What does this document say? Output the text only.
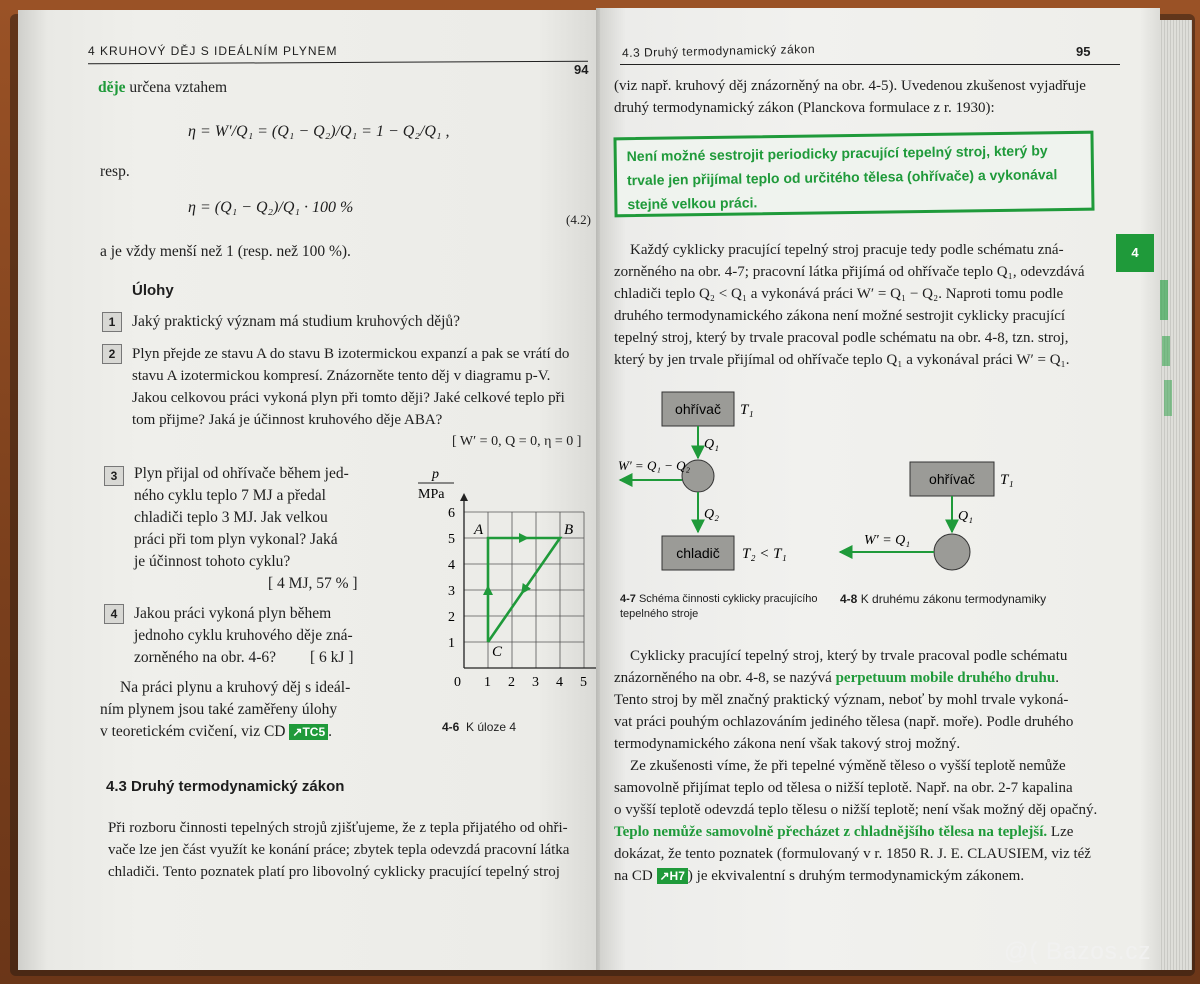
4 KRUHOVÝ DĚJ S IDEÁLNÍM PLYNEM
94
děje určena vztahem
η = W′/Q₁ = (Q₁ − Q₂)/Q₁ = 1 − Q₂/Q₁ ,
resp.
η = (Q₁ − Q₂)/Q₁ · 100 %
(4.2)
a je vždy menší než 1 (resp. než 100 %).
Úlohy
1	Jaký praktický význam má studium kruhových dějů?
2	Plyn přejde ze stavu A do stavu B izotermickou expanzí a pak se vrátí do
stavu A izotermickou kompresí. Znázorněte tento děj v diagramu p-V.
Jakou celkovou práci vykoná plyn při tomto ději? Jaké celkové teplo při
tom přijme? Jaká je účinnost kruhového děje ABA?
[ W′ = 0, Q = 0, η = 0 ]
3	Plyn přijal od ohřívače během jed-
ného cyklu teplo 7 MJ a předal
chladiči teplo 3 MJ. Jak velkou
práci při tom plyn vykonal? Jaká
je účinnost tohoto cyklu?
[ 4 MJ, 57 % ]
4	Jakou práci vykoná plyn během
jednoho cyklu kruhového děje zná-
zorněného na obr. 4-6? [ 6 kJ ]
Na práci plynu a kruhový děj s ideál-
ním plynem jsou také zaměřeny úlohy
v teoretickém cvičení, viz CD ↗TC5 .
0 1 2 3 4 5
1
2
3
4
5
6
p
MPa
A	B
C
4-6 K úloze 4
4.3 Druhý termodynamický zákon
Při rozboru činnosti tepelných strojů zjišťujeme, že z tepla přijatého od ohři-
vače lze jen část využít ke konání práce; zbytek tepla odevzdá pracovní látka
chladiči. Tento poznatek platí pro libovolný cyklicky pracující tepelný stroj
4.3 Druhý termodynamický zákon	95
(viz např. kruhový děj znázorněný na obr. 4-5). Uvedenou zkušenost vyjadřuje
druhý termodynamický zákon (Planckova formulace z r. 1930):
Není možné sestrojit periodicky pracující tepelný stroj, který by trvale jen přijímal teplo od určitého tělesa (ohřívače) a vykonával stejně velkou práci.
Každý cyklicky pracující tepelný stroj pracuje tedy podle schématu zná-
zorněného na obr. 4-7; pracovní látka přijímá od ohřívače teplo Q₁, odevzdává
chladiči teplo Q₂ < Q₁ a vykonává práci W′ = Q₁ − Q₂. Naproti tomu podle
druhého termodynamického zákona není možné sestrojit cyklicky pracující
tepelný stroj, který by trvale pracoval podle schématu na obr. 4-8, tzn. stroj,
který by jen trvale přijímal od ohřívače teplo Q₁ a vykonával práci W′ = Q₁.
ohřívač T₁
Q₁
W′ = Q₁ − Q₂
Q₂
chladič T₂ < T₁
ohřívač T₁
Q₁
W′ = Q₁
4-7 Schéma činnosti cyklicky pracujícího
tepelného stroje
4-8 K druhému zákonu termodynamiky
Cyklicky pracující tepelný stroj, který by trvale pracoval podle schématu
znázorněného na obr. 4-8, se nazývá perpetuum mobile druhého druhu.
Tento stroj by měl značný praktický význam, neboť by mohl trvale vykoná-
vat práci pouhým ochlazováním jediného tělesa (např. moře). Podle druhého
termodynamického zákona není však takový stroj možný.
Ze zkušenosti víme, že při tepelné výměně těleso o vyšší teplotě nemůže
samovolně přijímat teplo od tělesa o nižší teplotě. Např. na obr. 2-7 kapalina
o vyšší teplotě odevzdá teplo tělesu o nižší teplotě; není však možný děj opačný.
Teplo nemůže samovolně přecházet z chladnějšího tělesa na teplejší. Lze
dokázat, že tento poznatek (formulovaný v r. 1850 R. J. E. CLAUSIEM, viz též
na CD ↗H7 ) je ekvivalentní s druhým termodynamickým zákonem.
4
@( Bazos.cz
